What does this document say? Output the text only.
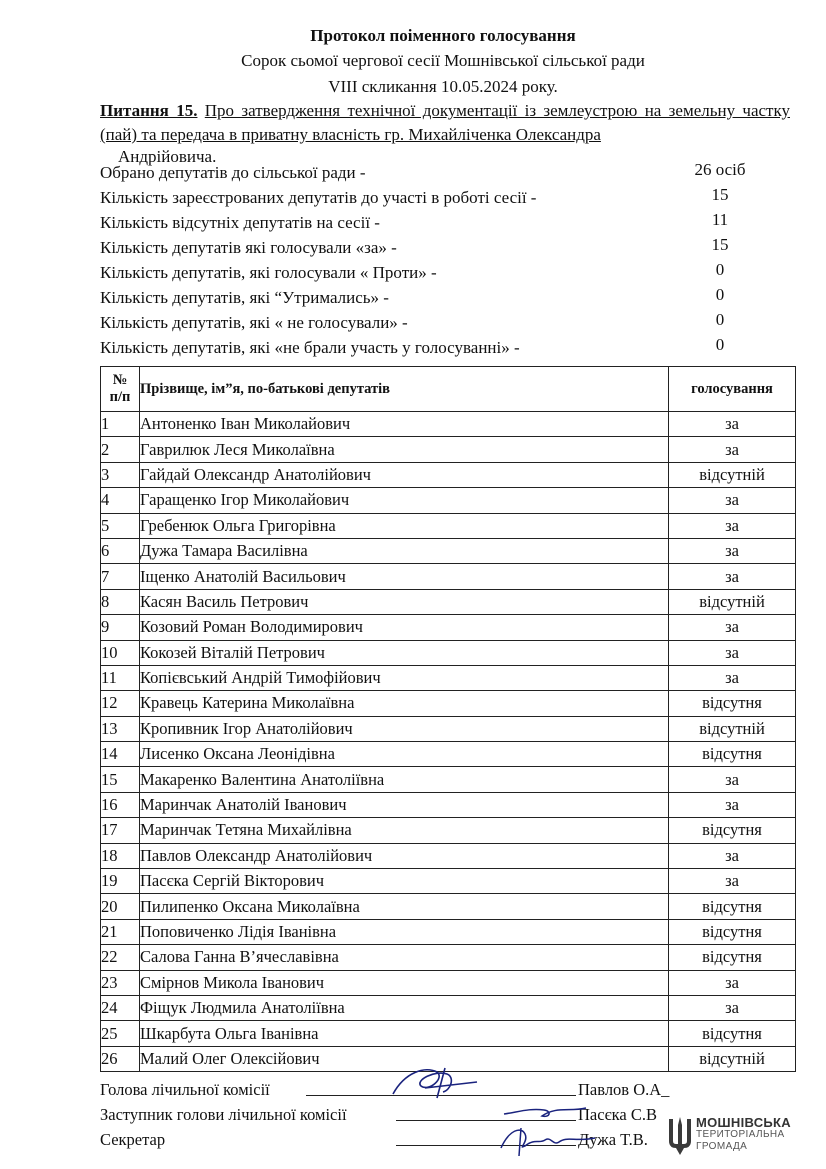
Протокол поіменного голосування
Сорок сьомої чергової сесії Мошнівської сільської ради
VIII скликання 10.05.2024 року.
Питання 15. Про затвердження технічної документації із землеустрою на земельну частку (пай) та передача в приватну власність гр. Михайліченка Олександра
Андрійовича.
Обрано депутатів до сільської ради -	26 осіб
Кількість зареєстрованих депутатів до участі в роботі сесії -	15
Кількість відсутніх депутатів на сесії -	11
Кількість депутатів які голосували «за» -	15
Кількість депутатів, які голосували « Проти» -	0
Кількість депутатів, які “Утримались» -	0
Кількість депутатів, які « не голосували» -	0
Кількість депутатів, які «не брали участь у голосуванні» -	0
№
п/п	Прізвище, ім”я, по-батькові депутатів	голосування
1	Антоненко Іван Миколайович	за
2	Гаврилюк Леся Миколаївна	за
3	Гайдай Олександр Анатолійович	відсутній
4	Гаращенко Ігор Миколайович	за
5	Гребенюк Ольга Григорівна	за
6	Дужа Тамара Василівна	за
7	Іщенко Анатолій Васильович	за
8	Касян Василь Петрович	відсутній
9	Козовий Роман Володимирович	за
10	Кокозей Віталій Петрович	за
11	Копієвський Андрій Тимофійович	за
12	Кравець Катерина Миколаївна	відсутня
13	Кропивник Ігор Анатолійович	відсутній
14	Лисенко Оксана Леонідівна	відсутня
15	Макаренко Валентина Анатоліївна	за
16	Маринчак Анатолій Іванович	за
17	Маринчак Тетяна Михайлівна	відсутня
18	Павлов Олександр Анатолійович	за
19	Пасєка Сергій Вікторович	за
20	Пилипенко Оксана Миколаївна	відсутня
21	Поповиченко Лідія Іванівна	відсутня
22	Салова Ганна В’ячеславівна	відсутня
23	Смірнов Микола Іванович	за
24	Фіщук Людмила Анатоліївна	за
25	Шкарбута Ольга Іванівна	відсутня
26	Малий Олег Олексійович	відсутній
Голова лічильної комісії	Павлов О.А_
Заступник голови лічильної комісії	Пасєка С.В
Секретар	Дужа Т.В.
МОШНІВСЬКА
ТЕРИТОРІАЛЬНА
ГРОМАДА
